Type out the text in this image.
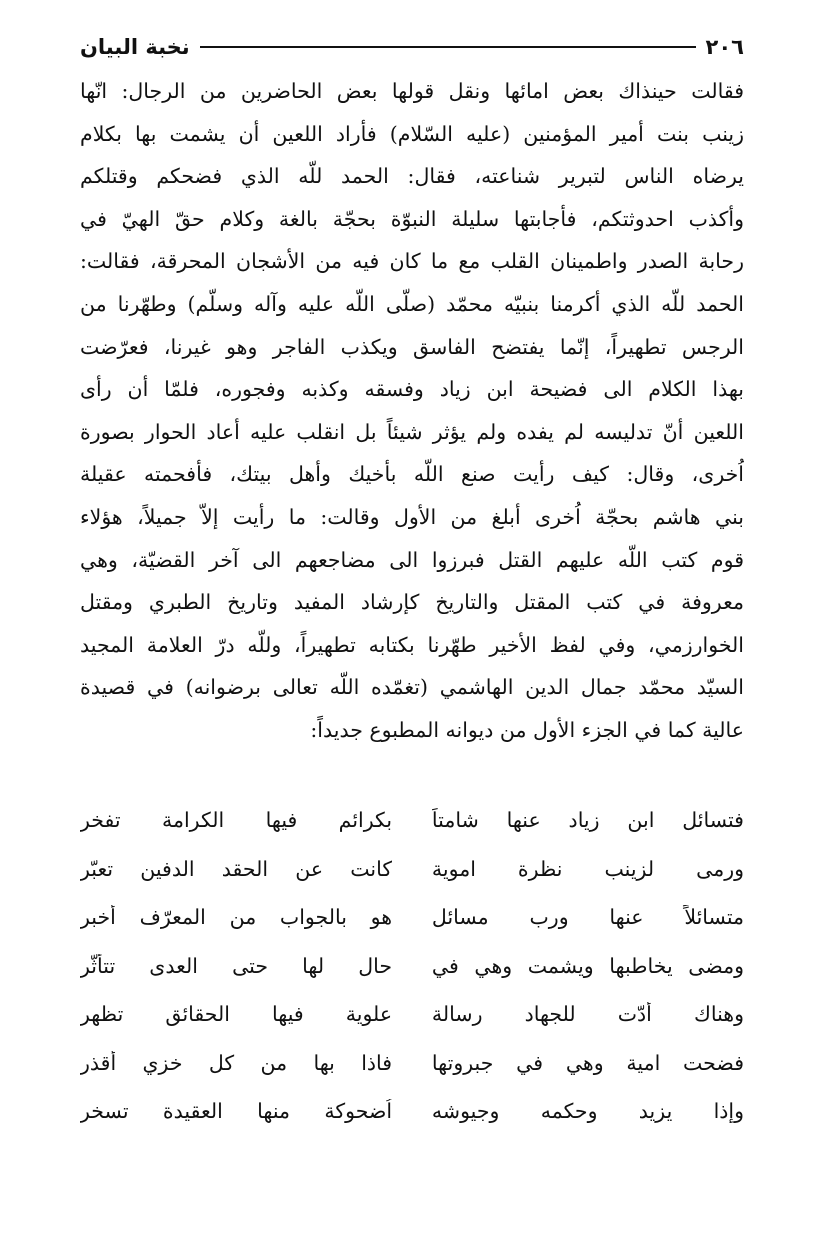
٢٠٦
نخبة البيان
فقالت حينذاك بعض امائها ونقل قولها بعض الحاضرين من الرجال: انّها
زينب بنت أمير المؤمنين (عليه السّلام) فأراد اللعين أن يشمت بها بكلام
يرضاه الناس لتبرير شناعته، فقال: الحمد للّه الذي فضحكم وقتلكم
وأكذب احدوثتكم، فأجابتها سليلة النبوّة بحجّة بالغة وكلام حقّ الهيّ في
رحابة الصدر واطمينان القلب مع ما كان فيه من الأشجان المحرقة، فقالت:
الحمد للّه الذي أكرمنا بنبيّه محمّد (صلّى اللّه عليه وآله وسلّم) وطهّرنا من
الرجس تطهيراً، إنّما يفتضح الفاسق ويكذب الفاجر وهو غيرنا، فعرّضت
بهذا الكلام الى فضيحة ابن زياد وفسقه وكذبه وفجوره، فلمّا أن رأى
اللعين أنّ تدليسه لم يفده ولم يؤثر شيئاً بل انقلب عليه أعاد الحوار بصورة
اُخرى، وقال: كيف رأيت صنع اللّه بأخيك وأهل بيتك، فأفحمته عقيلة
بني هاشم بحجّة اُخرى أبلغ من الأول وقالت: ما رأيت إلاّ جميلاً، هؤلاء
قوم كتب اللّه عليهم القتل فبرزوا الى مضاجعهم الى آخر القضيّة، وهي
معروفة في كتب المقتل والتاريخ كإرشاد المفيد وتاريخ الطبري ومقتل
الخوارزمي، وفي لفظ الأخير طهّرنا بكتابه تطهيراً، وللّه درّ العلامة المجيد
السيّد محمّد جمال الدين الهاشمي (تغمّده اللّه تعالى برضوانه) في قصيدة
عالية كما في الجزء الأول من ديوانه المطبوع جديداً:
فتسائل ابن زياد عنها شامتاً
بكرائم فيها الكرامة تفخر
ورمى لزينب نظرة اموية
كانت عن الحقد الدفين تعبّر
متسائلاً عنها ورب مسائل
هو بالجواب من المعرّف أخبر
ومضى يخاطبها ويشمت وهي في
حال لها حتى العدى تتأثّر
وهناك أدّت للجهاد رسالة
علوية فيها الحقائق تظهر
فضحت امية وهي في جبروتها
فاذا بها من كل خزي أقذر
وإذا يزيد وحكمه وجيوشه
اُضحوكة منها العقيدة تسخر
